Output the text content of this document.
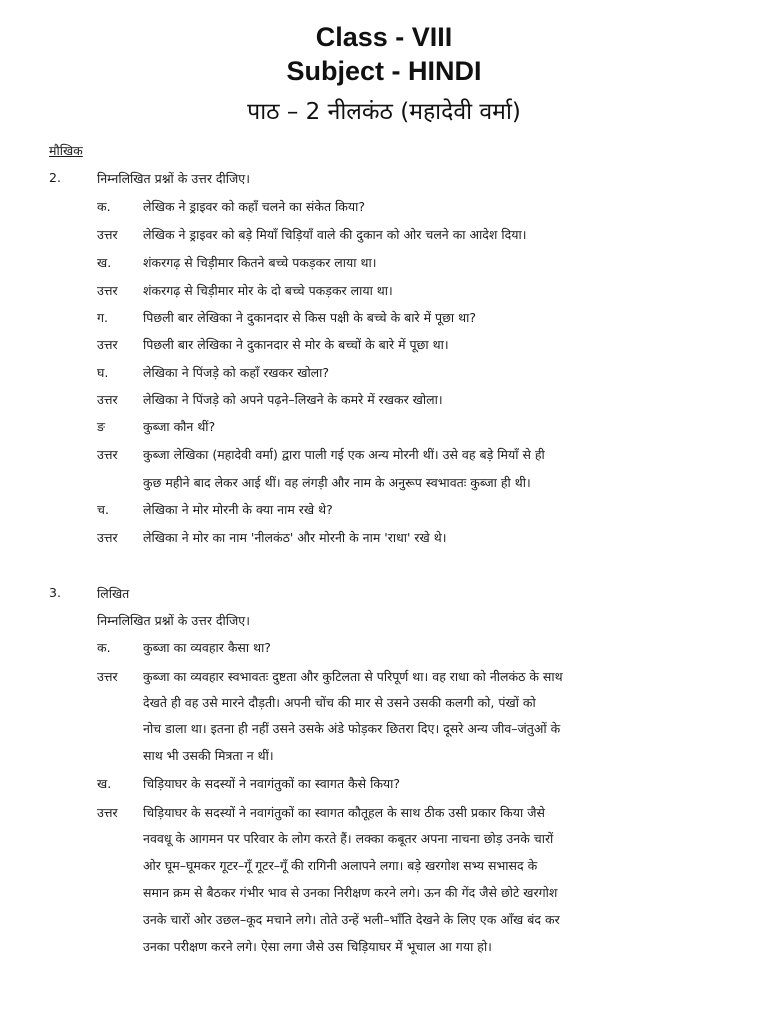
Class - VIII
Subject - HINDI
पाठ – 2 नीलकंठ (महादेवी वर्मा)
मौखिक
2.	निम्नलिखित प्रश्नों के उत्तर दीजिए।
क.	लेखिक ने ड्राइवर को कहाँ चलने का संकेत किया?
उत्तर लेखिक ने ड्राइवर को बड़े मियाँ चिड़ियाँ वाले की दुकान को ओर चलने का आदेश दिया।
ख.	शंकरगढ़ से चिड़ीमार कितने बच्चे पकड़कर लाया था।
उत्तर शंकरगढ़ से चिड़ीमार मोर के दो बच्चे पकड़कर लाया था।
ग.	पिछली बार लेखिका ने दुकानदार से किस पक्षी के बच्चे के बारे में पूछा था?
उत्तर पिछली बार लेखिका ने दुकानदार से मोर के बच्चों के बारे में पूछा था।
घ.	लेखिका ने पिंजड़े को कहाँ रखकर खोला?
उत्तर लेखिका ने पिंजड़े को अपने पढ़ने–लिखने के कमरे में रखकर खोला।
ङ	कुब्जा कौन थीं?
उत्तर कुब्जा लेखिका (महादेवी वर्मा) द्वारा पाली गई एक अन्य मोरनी थीं। उसे वह बड़े मियाँ से ही
कुछ महीने बाद लेकर आई थीं। वह लंगड़ी और नाम के अनुरूप स्वभावतः कुब्जा ही थी।
च.	लेखिका ने मोर मोरनी के क्या नाम रखे थे?
उत्तर लेखिका ने मोर का नाम 'नीलकंठ' और मोरनी के नाम 'राधा' रखे थे।
3.	लिखित
निम्नलिखित प्रश्नों के उत्तर दीजिए।
क.	कुब्जा का व्यवहार कैसा था?
उत्तर कुब्जा का व्यवहार स्वभावतः दुष्टता और कुटिलता से परिपूर्ण था। वह राधा को नीलकंठ के साथ
देखते ही वह उसे मारने दौड़ती। अपनी चोंच की मार से उसने उसकी कलगी को, पंखों को
नोच डाला था। इतना ही नहीं उसने उसके अंडे फोड़कर छितरा दिए। दूसरे अन्य जीव–जंतुओं के
साथ भी उसकी मित्रता न थीं।
ख.	चिड़ियाघर के सदस्यों ने नवागंतुकों का स्वागत कैसे किया?
उत्तर चिड़ियाघर के सदस्यों ने नवागंतुकों का स्वागत कौतूहल के साथ ठीक उसी प्रकार किया जैसे
नववधू के आगमन पर परिवार के लोग करते हैं। लक्का कबूतर अपना नाचना छोड़ उनके चारों
ओर घूम–घूमकर गूटर–गूँ गूटर–गूँ की रागिनी अलापने लगा। बड़े खरगोश सभ्य सभासद के
समान क्रम से बैठकर गंभीर भाव से उनका निरीक्षण करने लगे। ऊन की गेंद जैसे छोटे खरगोश
उनके चारों ओर उछल–कूद मचाने लगे। तोते उन्हें भली–भाँति देखने के लिए एक आँख बंद कर
उनका परीक्षण करने लगे। ऐसा लगा जैसे उस चिड़ियाघर में भूचाल आ गया हो।
